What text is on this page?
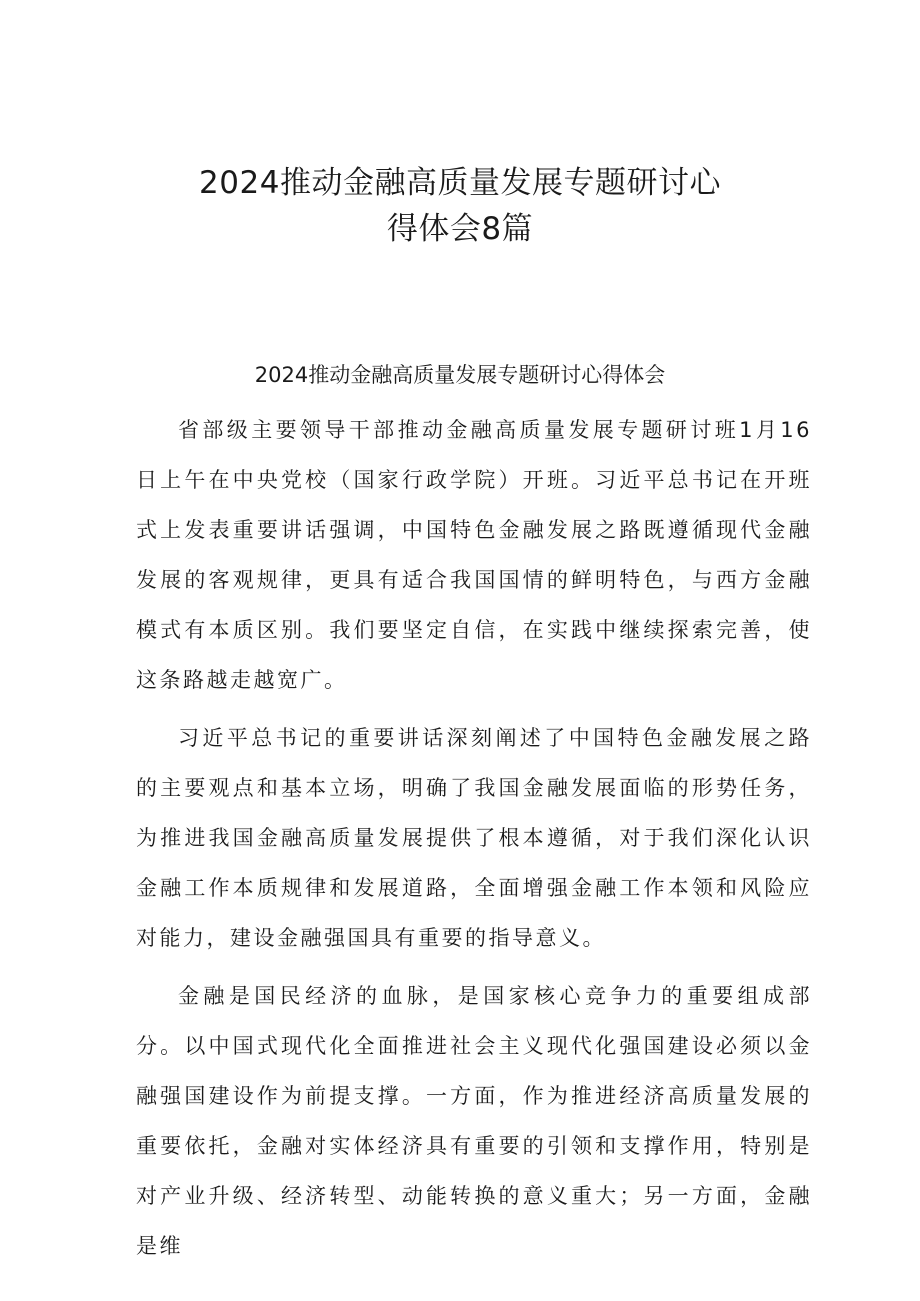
2024推动金融高质量发展专题研讨心
得体会8篇
2024推动金融高质量发展专题研讨心得体会

省部级主要领导干部推动金融高质量发展专题研讨班1月16日上午在中央党校（国家行政学院）开班。习近平总书记在开班式上发表重要讲话强调，中国特色金融发展之路既遵循现代金融发展的客观规律，更具有适合我国国情的鲜明特色，与西方金融模式有本质区别。我们要坚定自信，在实践中继续探索完善，使这条路越走越宽广。

习近平总书记的重要讲话深刻阐述了中国特色金融发展之路的主要观点和基本立场，明确了我国金融发展面临的形势任务，为推进我国金融高质量发展提供了根本遵循，对于我们深化认识金融工作本质规律和发展道路，全面增强金融工作本领和风险应对能力，建设金融强国具有重要的指导意义。

金融是国民经济的血脉，是国家核心竞争力的重要组成部分。以中国式现代化全面推进社会主义现代化强国建设必须以金融强国建设作为前提支撑。一方面，作为推进经济高质量发展的重要依托，金融对实体经济具有重要的引领和支撑作用，特别是对产业升级、经济转型、动能转换的意义重大；另一方面，金融是维
